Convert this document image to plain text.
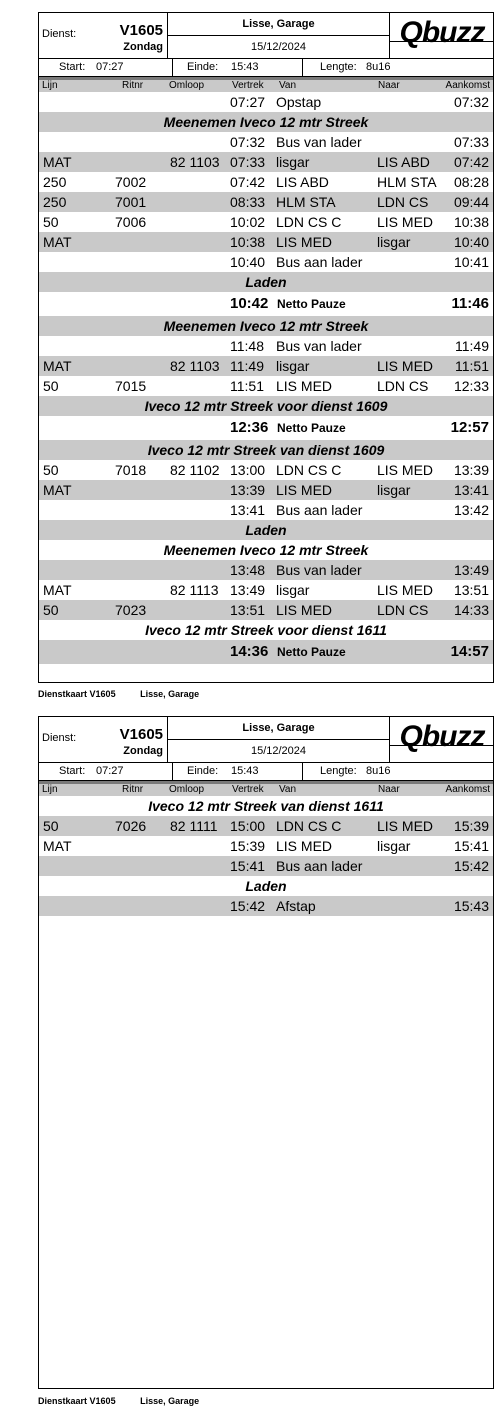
Dienst:	V1605
Zondag
Lisse, Garage
15/12/2024	Qbuzz
Start: 07:27	Einde: 15:43	Lengte: 8u16
Lijn	Ritnr	Omloop	Vertrek Van	Naar	Aankomst
07:27 Opstap	07:32
Meenemen Iveco 12 mtr Streek
07:32 Bus van lader	07:33
MAT	82 1103 07:33 lisgar	LIS ABD 07:42
250	7002	07:42 LIS ABD	HLM STA 08:28
250	7001	08:33 HLM STA	LDN CS 09:44
50	7006	10:02 LDN CS C	LIS MED 10:38
MAT	10:38 LIS MED	lisgar	10:40
10:40 Bus aan lader	10:41
Laden
10:42 Netto Pauze	11:46
Meenemen Iveco 12 mtr Streek
11:48 Bus van lader	11:49
MAT	82 1103 11:49 lisgar	LIS MED 11:51
50	7015	11:51 LIS MED	LDN CS 12:33
Iveco 12 mtr Streek voor dienst 1609
12:36 Netto Pauze	12:57
Iveco 12 mtr Streek van dienst 1609
50	7018 82 1102 13:00 LDN CS C	LIS MED 13:39
MAT	13:39 LIS MED	lisgar	13:41
13:41 Bus aan lader	13:42
Laden
Meenemen Iveco 12 mtr Streek
13:48 Bus van lader	13:49
MAT	82 1113 13:49 lisgar	LIS MED 13:51
50	7023	13:51 LIS MED	LDN CS 14:33
Iveco 12 mtr Streek voor dienst 1611
14:36 Netto Pauze	14:57
Dienstkaart V1605	Lisse, Garage
Dienst:	V1605
Zondag
Lisse, Garage
15/12/2024	Qbuzz
Start: 07:27	Einde: 15:43	Lengte: 8u16
Lijn	Ritnr	Omloop	Vertrek Van	Naar	Aankomst
Iveco 12 mtr Streek van dienst 1611
50	7026 82 1111 15:00 LDN CS C	LIS MED 15:39
MAT	15:39 LIS MED	lisgar	15:41
15:41 Bus aan lader	15:42
Laden
15:42 Afstap	15:43
Dienstkaart V1605	Lisse, Garage
